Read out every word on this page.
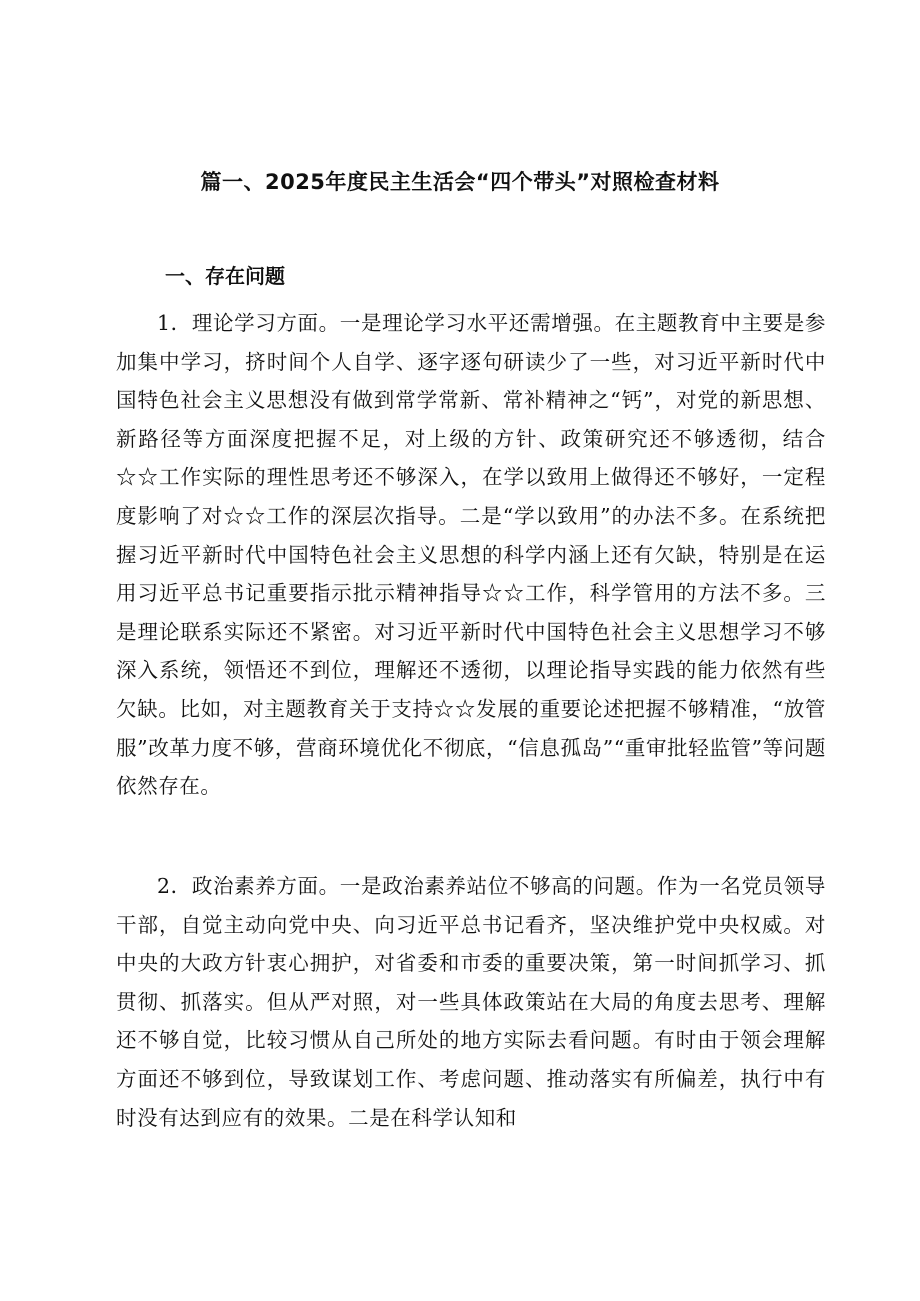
篇一、2025年度民主生活会“四个带头”对照检查材料
一、存在问题

1．理论学习方面。一是理论学习水平还需增强。在主题教育中主要是参加集中学习，挤时间个人自学、逐字逐句研读少了一些，对习近平新时代中国特色社会主义思想没有做到常学常新、常补精神之“钙”，对党的新思想、新路径等方面深度把握不足，对上级的方针、政策研究还不够透彻，结合☆☆工作实际的理性思考还不够深入，在学以致用上做得还不够好，一定程度影响了对☆☆工作的深层次指导。二是“学以致用”的办法不多。在系统把握习近平新时代中国特色社会主义思想的科学内涵上还有欠缺，特别是在运用习近平总书记重要指示批示精神指导☆☆工作，科学管用的方法不多。三是理论联系实际还不紧密。对习近平新时代中国特色社会主义思想学习不够深入系统，领悟还不到位，理解还不透彻，以理论指导实践的能力依然有些欠缺。比如，对主题教育关于支持☆☆发展的重要论述把握不够精准，“放管服”改革力度不够，营商环境优化不彻底，“信息孤岛”“重审批轻监管”等问题依然存在。

2．政治素养方面。一是政治素养站位不够高的问题。作为一名党员领导干部，自觉主动向党中央、向习近平总书记看齐，坚决维护党中央权威。对中央的大政方针衷心拥护，对省委和市委的重要决策，第一时间抓学习、抓贯彻、抓落实。但从严对照，对一些具体政策站在大局的角度去思考、理解还不够自觉，比较习惯从自己所处的地方实际去看问题。有时由于领会理解方面还不够到位，导致谋划工作、考虑问题、推动落实有所偏差，执行中有时没有达到应有的效果。二是在科学认知和
